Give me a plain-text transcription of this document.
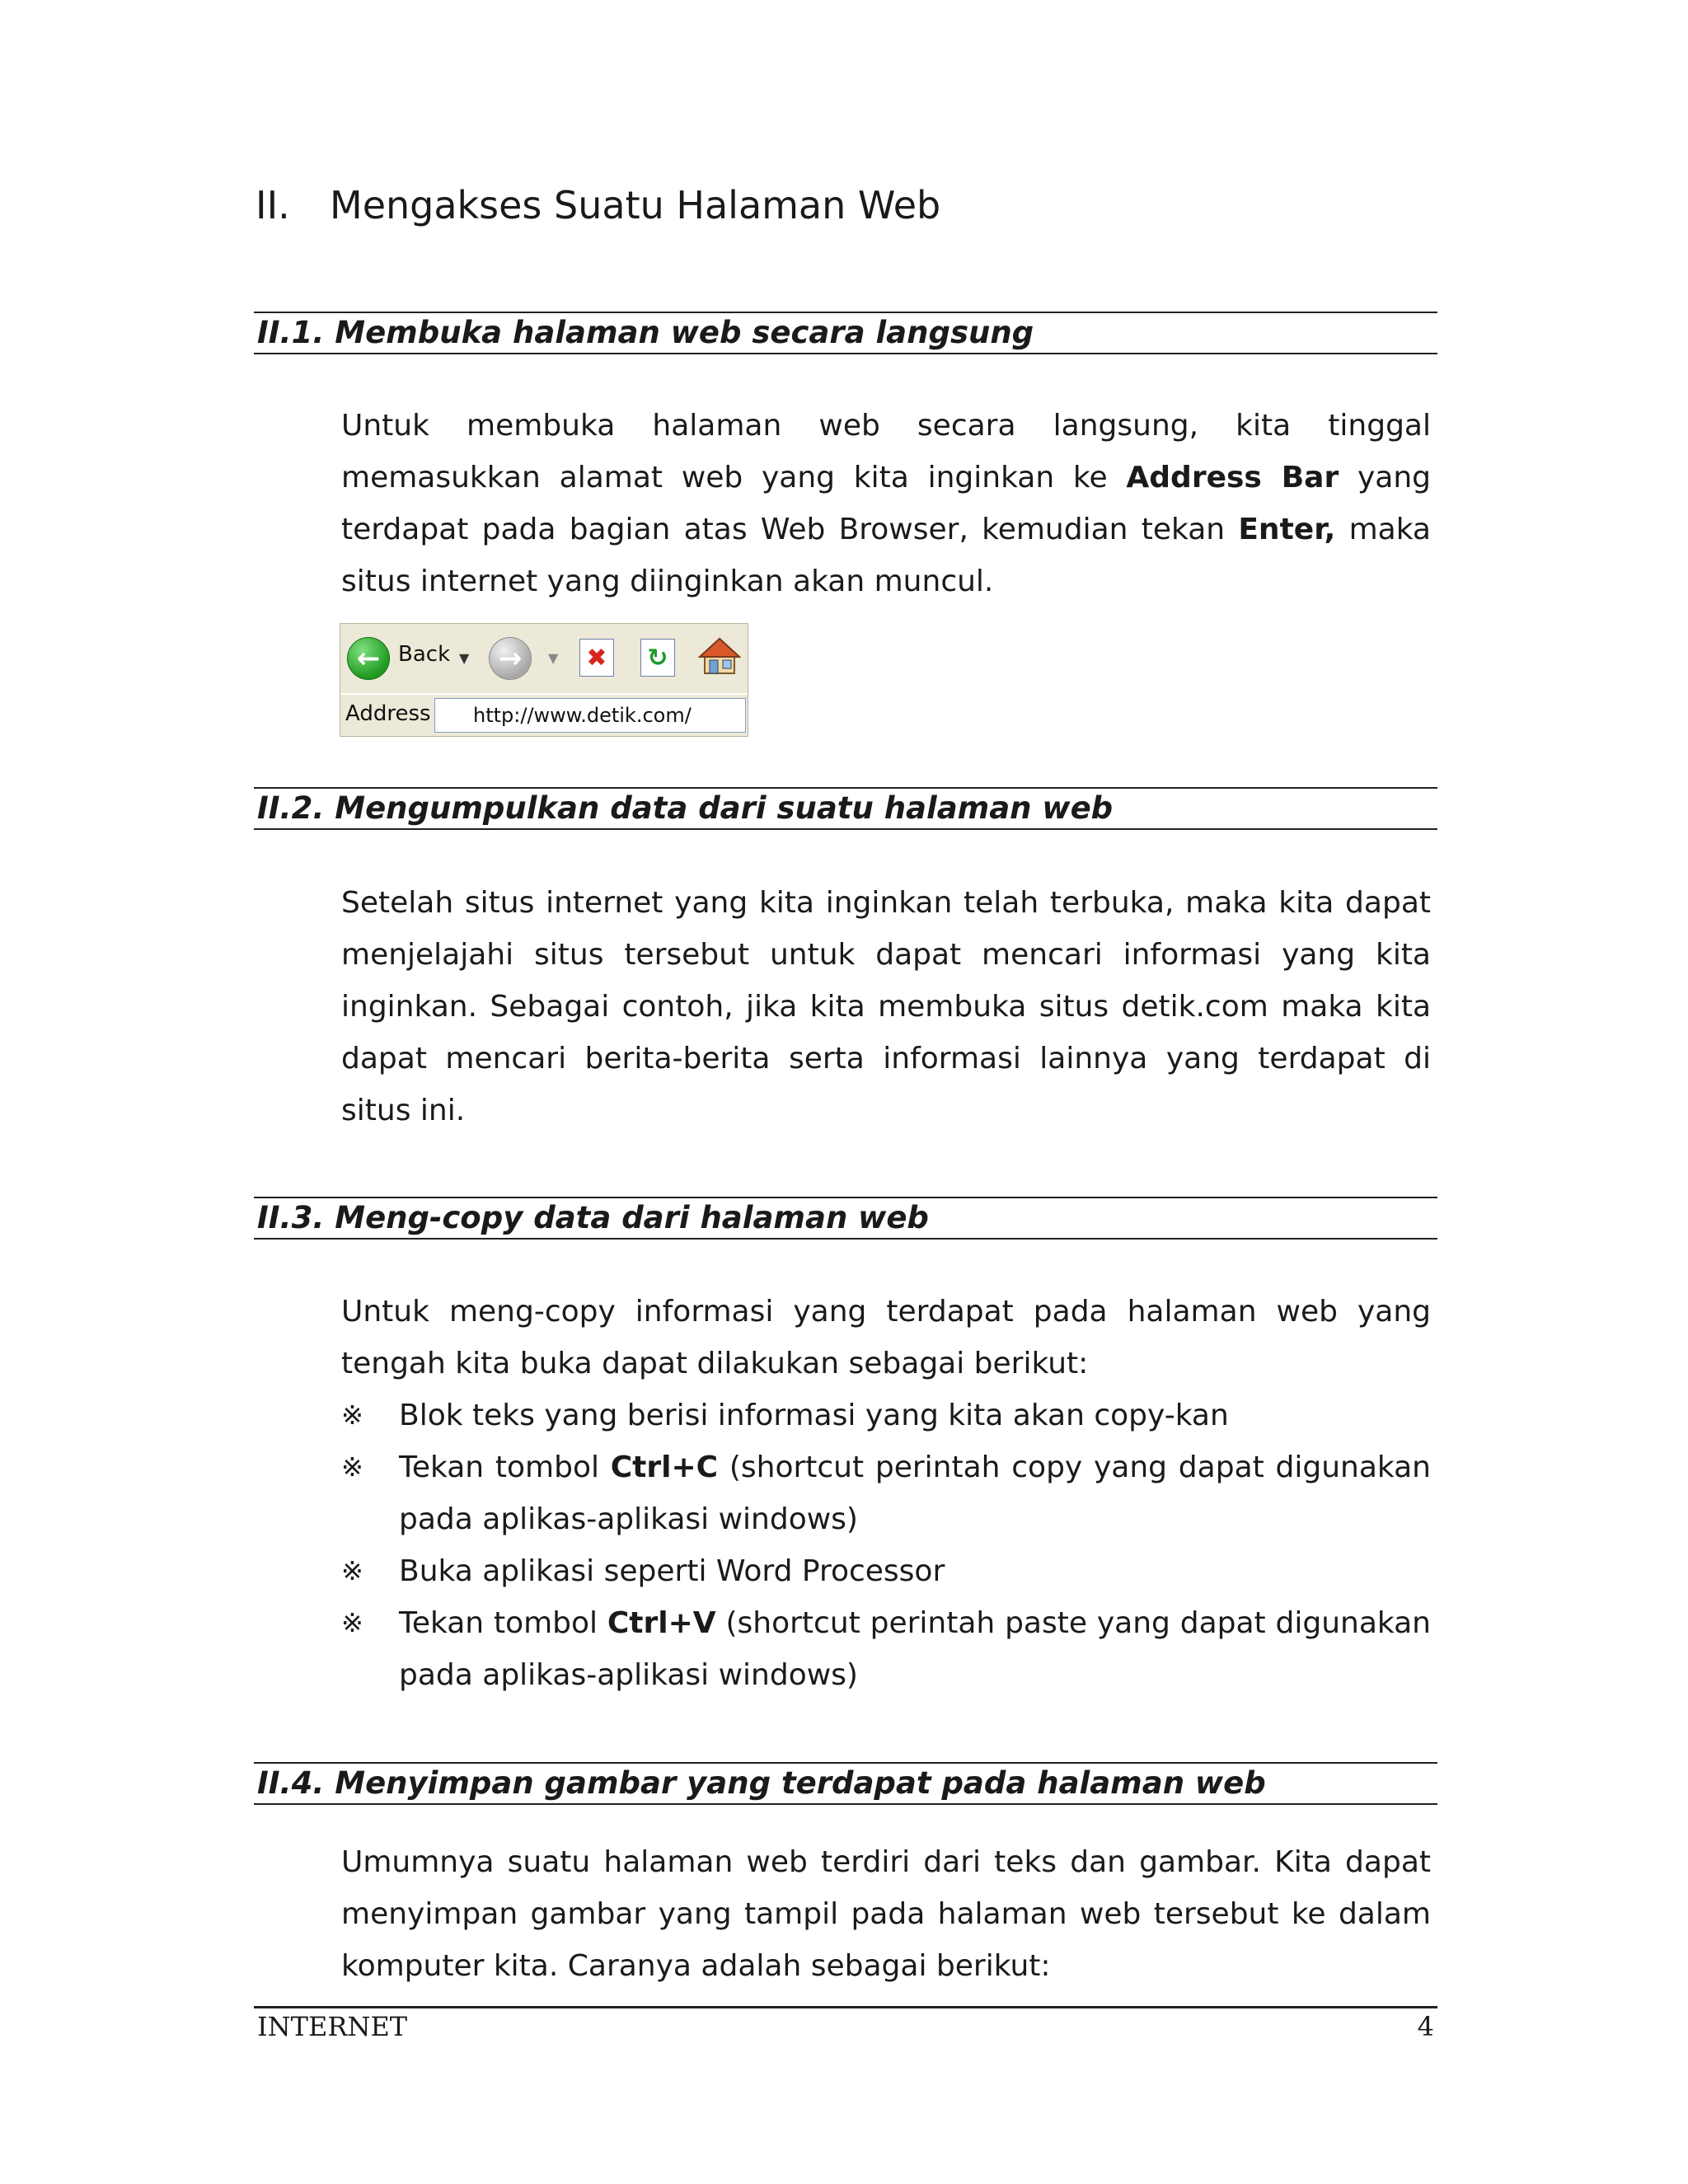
II. Mengakses Suatu Halaman Web
II.1. Membuka halaman web secara langsung

Untuk membuka halaman web secara langsung, kita tinggal memasukkan alamat web yang kita inginkan ke Address Bar yang terdapat pada bagian atas Web Browser, kemudian tekan Enter, maka situs internet yang diinginkan akan muncul.

← Back ▼	→	▼ ✖ ↻
Address	http://www.detik.com/
II.2. Mengumpulkan data dari suatu halaman web

Setelah situs internet yang kita inginkan telah terbuka, maka kita dapat menjelajahi situs tersebut untuk dapat mencari informasi yang kita inginkan. Sebagai contoh, jika kita membuka situs detik.com maka kita dapat mencari berita-berita serta informasi lainnya yang terdapat di situs ini.

II.3. Meng-copy data dari halaman web

Untuk meng-copy informasi yang terdapat pada halaman web yang tengah kita buka dapat dilakukan sebagai berikut:

※ Blok teks yang berisi informasi yang kita akan copy-kan
※ Tekan tombol Ctrl+C (shortcut perintah copy yang dapat digunakan pada aplikas-aplikasi windows)
※ Buka aplikasi seperti Word Processor
※ Tekan tombol Ctrl+V (shortcut perintah paste yang dapat digunakan pada aplikas-aplikasi windows)
II.4. Menyimpan gambar yang terdapat pada halaman web

Umumnya suatu halaman web terdiri dari teks dan gambar. Kita dapat menyimpan gambar yang tampil pada halaman web tersebut ke dalam komputer kita. Caranya adalah sebagai berikut:

INTERNET	4
